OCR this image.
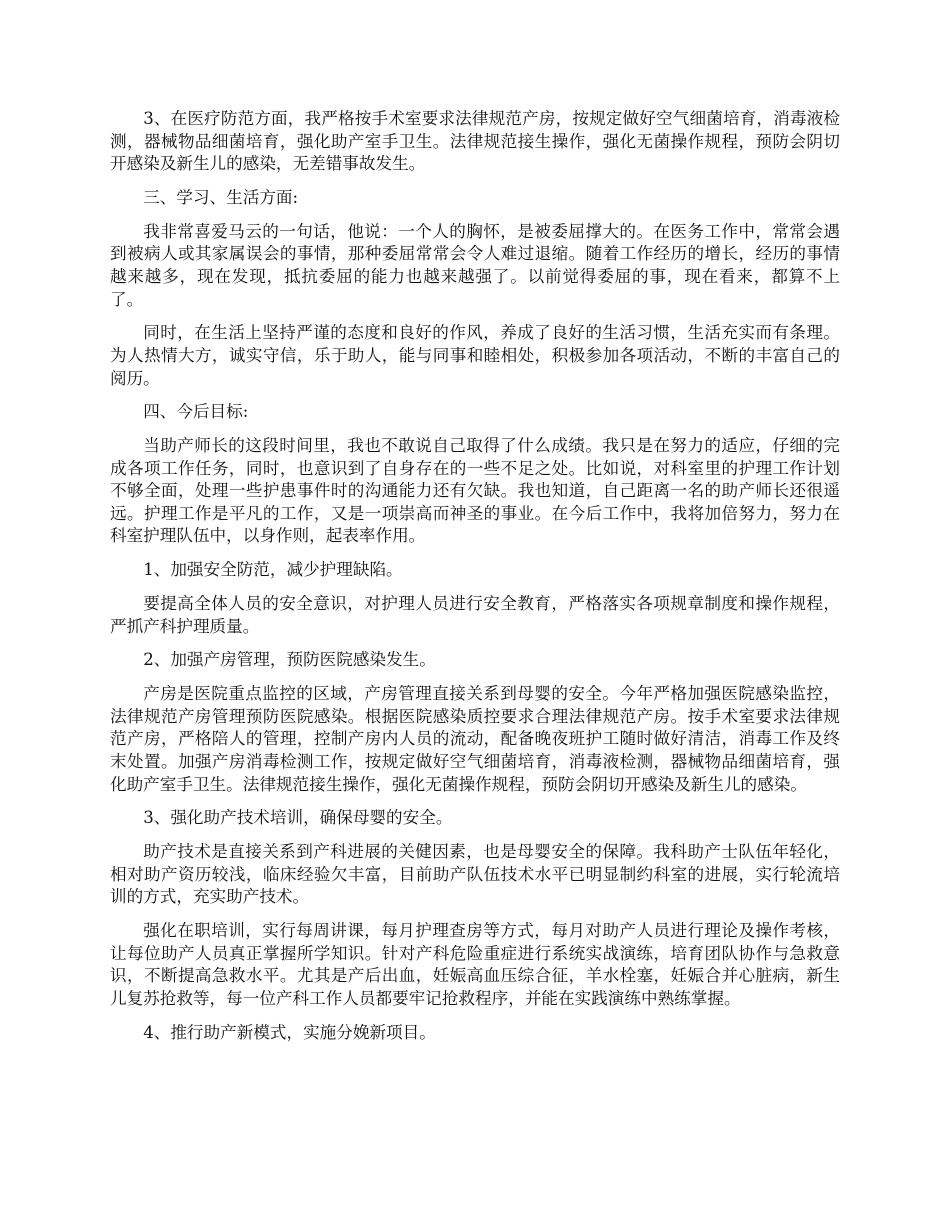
3、在医疗防范方面，我严格按手术室要求法律规范产房，按规定做好空气细菌培育，消毒液检测，器械物品细菌培育，强化助产室手卫生。法律规范接生操作，强化无菌操作规程，预防会阴切开感染及新生儿的感染，无差错事故发生。

三、学习、生活方面:

我非常喜爱马云的一句话，他说：一个人的胸怀，是被委屈撑大的。在医务工作中，常常会遇到被病人或其家属误会的事情，那种委屈常常会令人难过退缩。随着工作经历的增长，经历的事情越来越多，现在发现，抵抗委屈的能力也越来越强了。以前觉得委屈的事，现在看来，都算不上了。

同时，在生活上坚持严谨的态度和良好的作风，养成了良好的生活习惯，生活充实而有条理。为人热情大方，诚实守信，乐于助人，能与同事和睦相处，积极参加各项活动，不断的丰富自己的阅历。

四、今后目标:

当助产师长的这段时间里，我也不敢说自己取得了什么成绩。我只是在努力的适应，仔细的完成各项工作任务，同时，也意识到了自身存在的一些不足之处。比如说，对科室里的护理工作计划不够全面，处理一些护患事件时的沟通能力还有欠缺。我也知道，自己距离一名的助产师长还很遥远。护理工作是平凡的工作，又是一项崇高而神圣的事业。在今后工作中，我将加倍努力，努力在科室护理队伍中，以身作则，起表率作用。

1、加强安全防范，减少护理缺陷。

要提高全体人员的安全意识，对护理人员进行安全教育，严格落实各项规章制度和操作规程，严抓产科护理质量。

2、加强产房管理，预防医院感染发生。

产房是医院重点监控的区域，产房管理直接关系到母婴的安全。今年严格加强医院感染监控，法律规范产房管理预防医院感染。根据医院感染质控要求合理法律规范产房。按手术室要求法律规范产房，严格陪人的管理，控制产房内人员的流动，配备晚夜班护工随时做好清洁，消毒工作及终末处置。加强产房消毒检测工作，按规定做好空气细菌培育，消毒液检测，器械物品细菌培育，强化助产室手卫生。法律规范接生操作，强化无菌操作规程，预防会阴切开感染及新生儿的感染。

3、强化助产技术培训，确保母婴的安全。

助产技术是直接关系到产科进展的关健因素，也是母婴安全的保障。我科助产士队伍年轻化，相对助产资历较浅，临床经验欠丰富，目前助产队伍技术水平已明显制约科室的进展，实行轮流培训的方式，充实助产技术。

强化在职培训，实行每周讲课，每月护理查房等方式，每月对助产人员进行理论及操作考核，让每位助产人员真正掌握所学知识。针对产科危险重症进行系统实战演练，培育团队协作与急救意识，不断提高急救水平。尤其是产后出血，妊娠高血压综合征，羊水栓塞，妊娠合并心脏病，新生儿复苏抢救等，每一位产科工作人员都要牢记抢救程序，并能在实践演练中熟练掌握。

4、推行助产新模式，实施分娩新项目。
